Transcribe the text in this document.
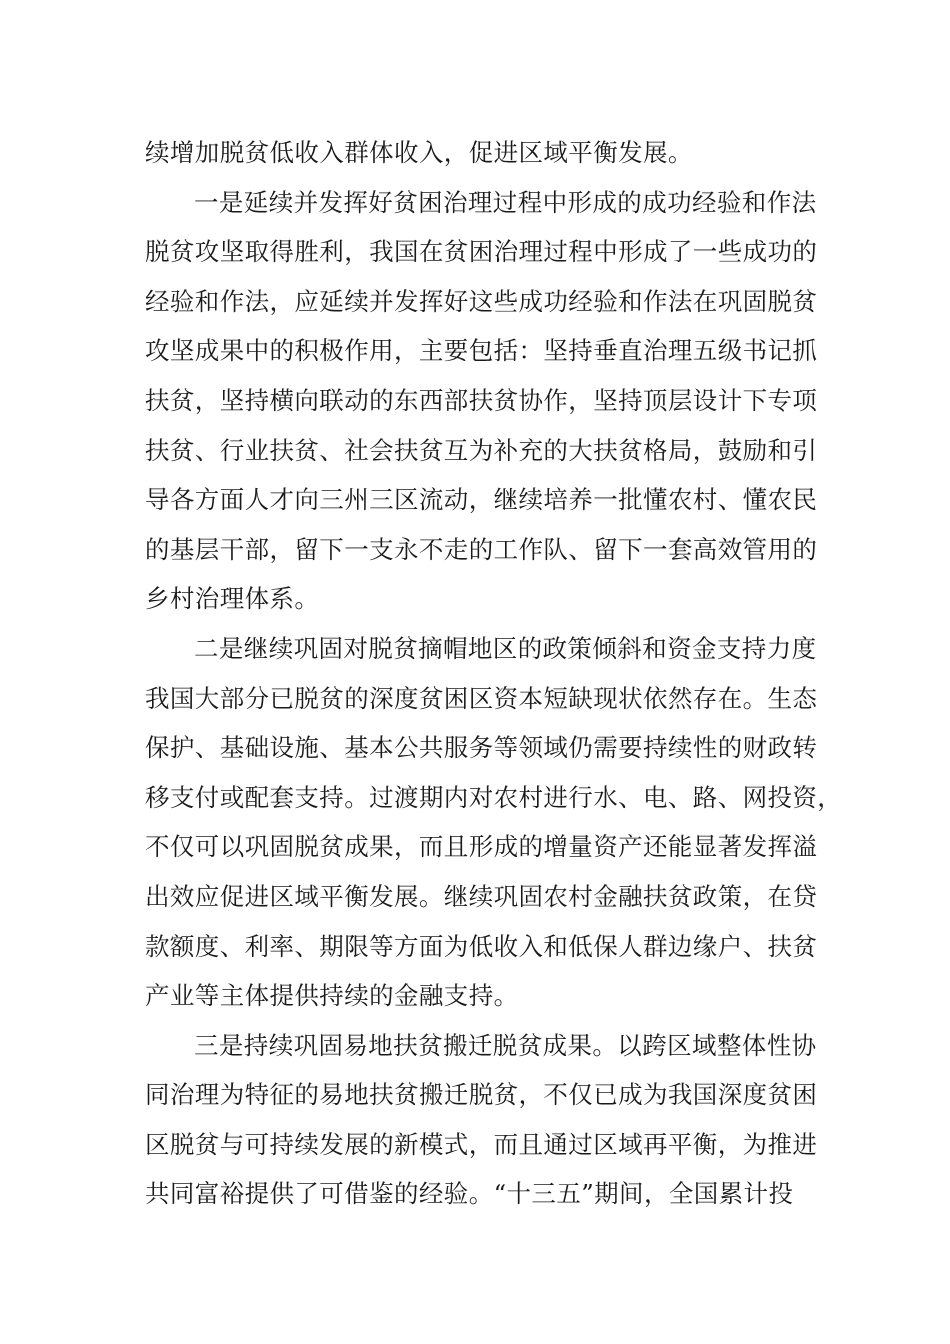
续增加脱贫低收入群体收入，促进区域平衡发展。
一是延续并发挥好贫困治理过程中形成的成功经验和作法
脱贫攻坚取得胜利，我国在贫困治理过程中形成了一些成功的
经验和作法，应延续并发挥好这些成功经验和作法在巩固脱贫
攻坚成果中的积极作用，主要包括：坚持垂直治理五级书记抓
扶贫，坚持横向联动的东西部扶贫协作，坚持顶层设计下专项
扶贫、行业扶贫、社会扶贫互为补充的大扶贫格局，鼓励和引
导各方面人才向三州三区流动，继续培养一批懂农村、懂农民
的基层干部，留下一支永不走的工作队、留下一套高效管用的
乡村治理体系。
二是继续巩固对脱贫摘帽地区的政策倾斜和资金支持力度
我国大部分已脱贫的深度贫困区资本短缺现状依然存在。生态
保护、基础设施、基本公共服务等领域仍需要持续性的财政转
移支付或配套支持。过渡期内对农村进行水、电、路、网投资，
不仅可以巩固脱贫成果，而且形成的增量资产还能显著发挥溢
出效应促进区域平衡发展。继续巩固农村金融扶贫政策，在贷
款额度、利率、期限等方面为低收入和低保人群边缘户、扶贫
产业等主体提供持续的金融支持。
三是持续巩固易地扶贫搬迁脱贫成果。以跨区域整体性协
同治理为特征的易地扶贫搬迁脱贫，不仅已成为我国深度贫困
区脱贫与可持续发展的新模式，而且通过区域再平衡，为推进
共同富裕提供了可借鉴的经验。“十三五”期间，全国累计投
